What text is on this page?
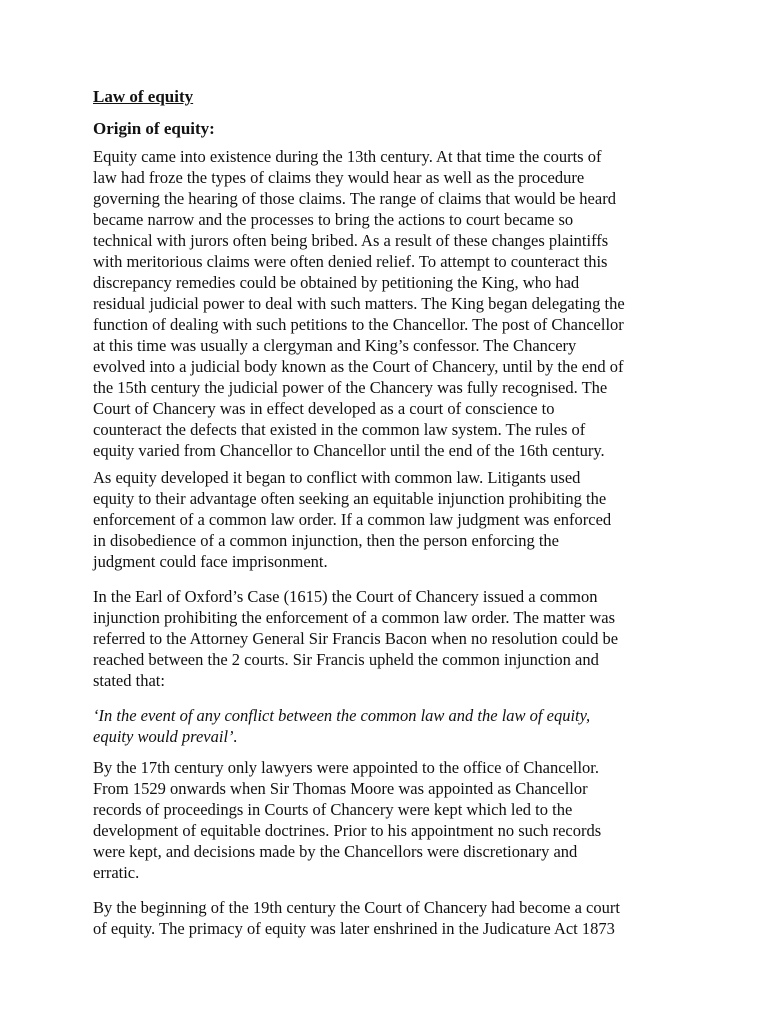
Law of equity
Origin of equity:

Equity came into existence during the 13th century. At that time the courts of
law had froze the types of claims they would hear as well as the procedure
governing the hearing of those claims. The range of claims that would be heard
became narrow and the processes to bring the actions to court became so
technical with jurors often being bribed. As a result of these changes plaintiffs
with meritorious claims were often denied relief. To attempt to counteract this
discrepancy remedies could be obtained by petitioning the King, who had
residual judicial power to deal with such matters. The King began delegating the
function of dealing with such petitions to the Chancellor. The post of Chancellor
at this time was usually a clergyman and King’s confessor. The Chancery
evolved into a judicial body known as the Court of Chancery, until by the end of
the 15th century the judicial power of the Chancery was fully recognised. The
Court of Chancery was in effect developed as a court of conscience to
counteract the defects that existed in the common law system. The rules of
equity varied from Chancellor to Chancellor until the end of the 16th century.

As equity developed it began to conflict with common law. Litigants used
equity to their advantage often seeking an equitable injunction prohibiting the
enforcement of a common law order. If a common law judgment was enforced
in disobedience of a common injunction, then the person enforcing the
judgment could face imprisonment.

In the Earl of Oxford’s Case (1615) the Court of Chancery issued a common
injunction prohibiting the enforcement of a common law order. The matter was
referred to the Attorney General Sir Francis Bacon when no resolution could be
reached between the 2 courts. Sir Francis upheld the common injunction and
stated that:

‘In the event of any conflict between the common law and the law of equity,
equity would prevail’.

By the 17th century only lawyers were appointed to the office of Chancellor.
From 1529 onwards when Sir Thomas Moore was appointed as Chancellor
records of proceedings in Courts of Chancery were kept which led to the
development of equitable doctrines. Prior to his appointment no such records
were kept, and decisions made by the Chancellors were discretionary and
erratic.

By the beginning of the 19th century the Court of Chancery had become a court
of equity. The primacy of equity was later enshrined in the Judicature Act 1873
